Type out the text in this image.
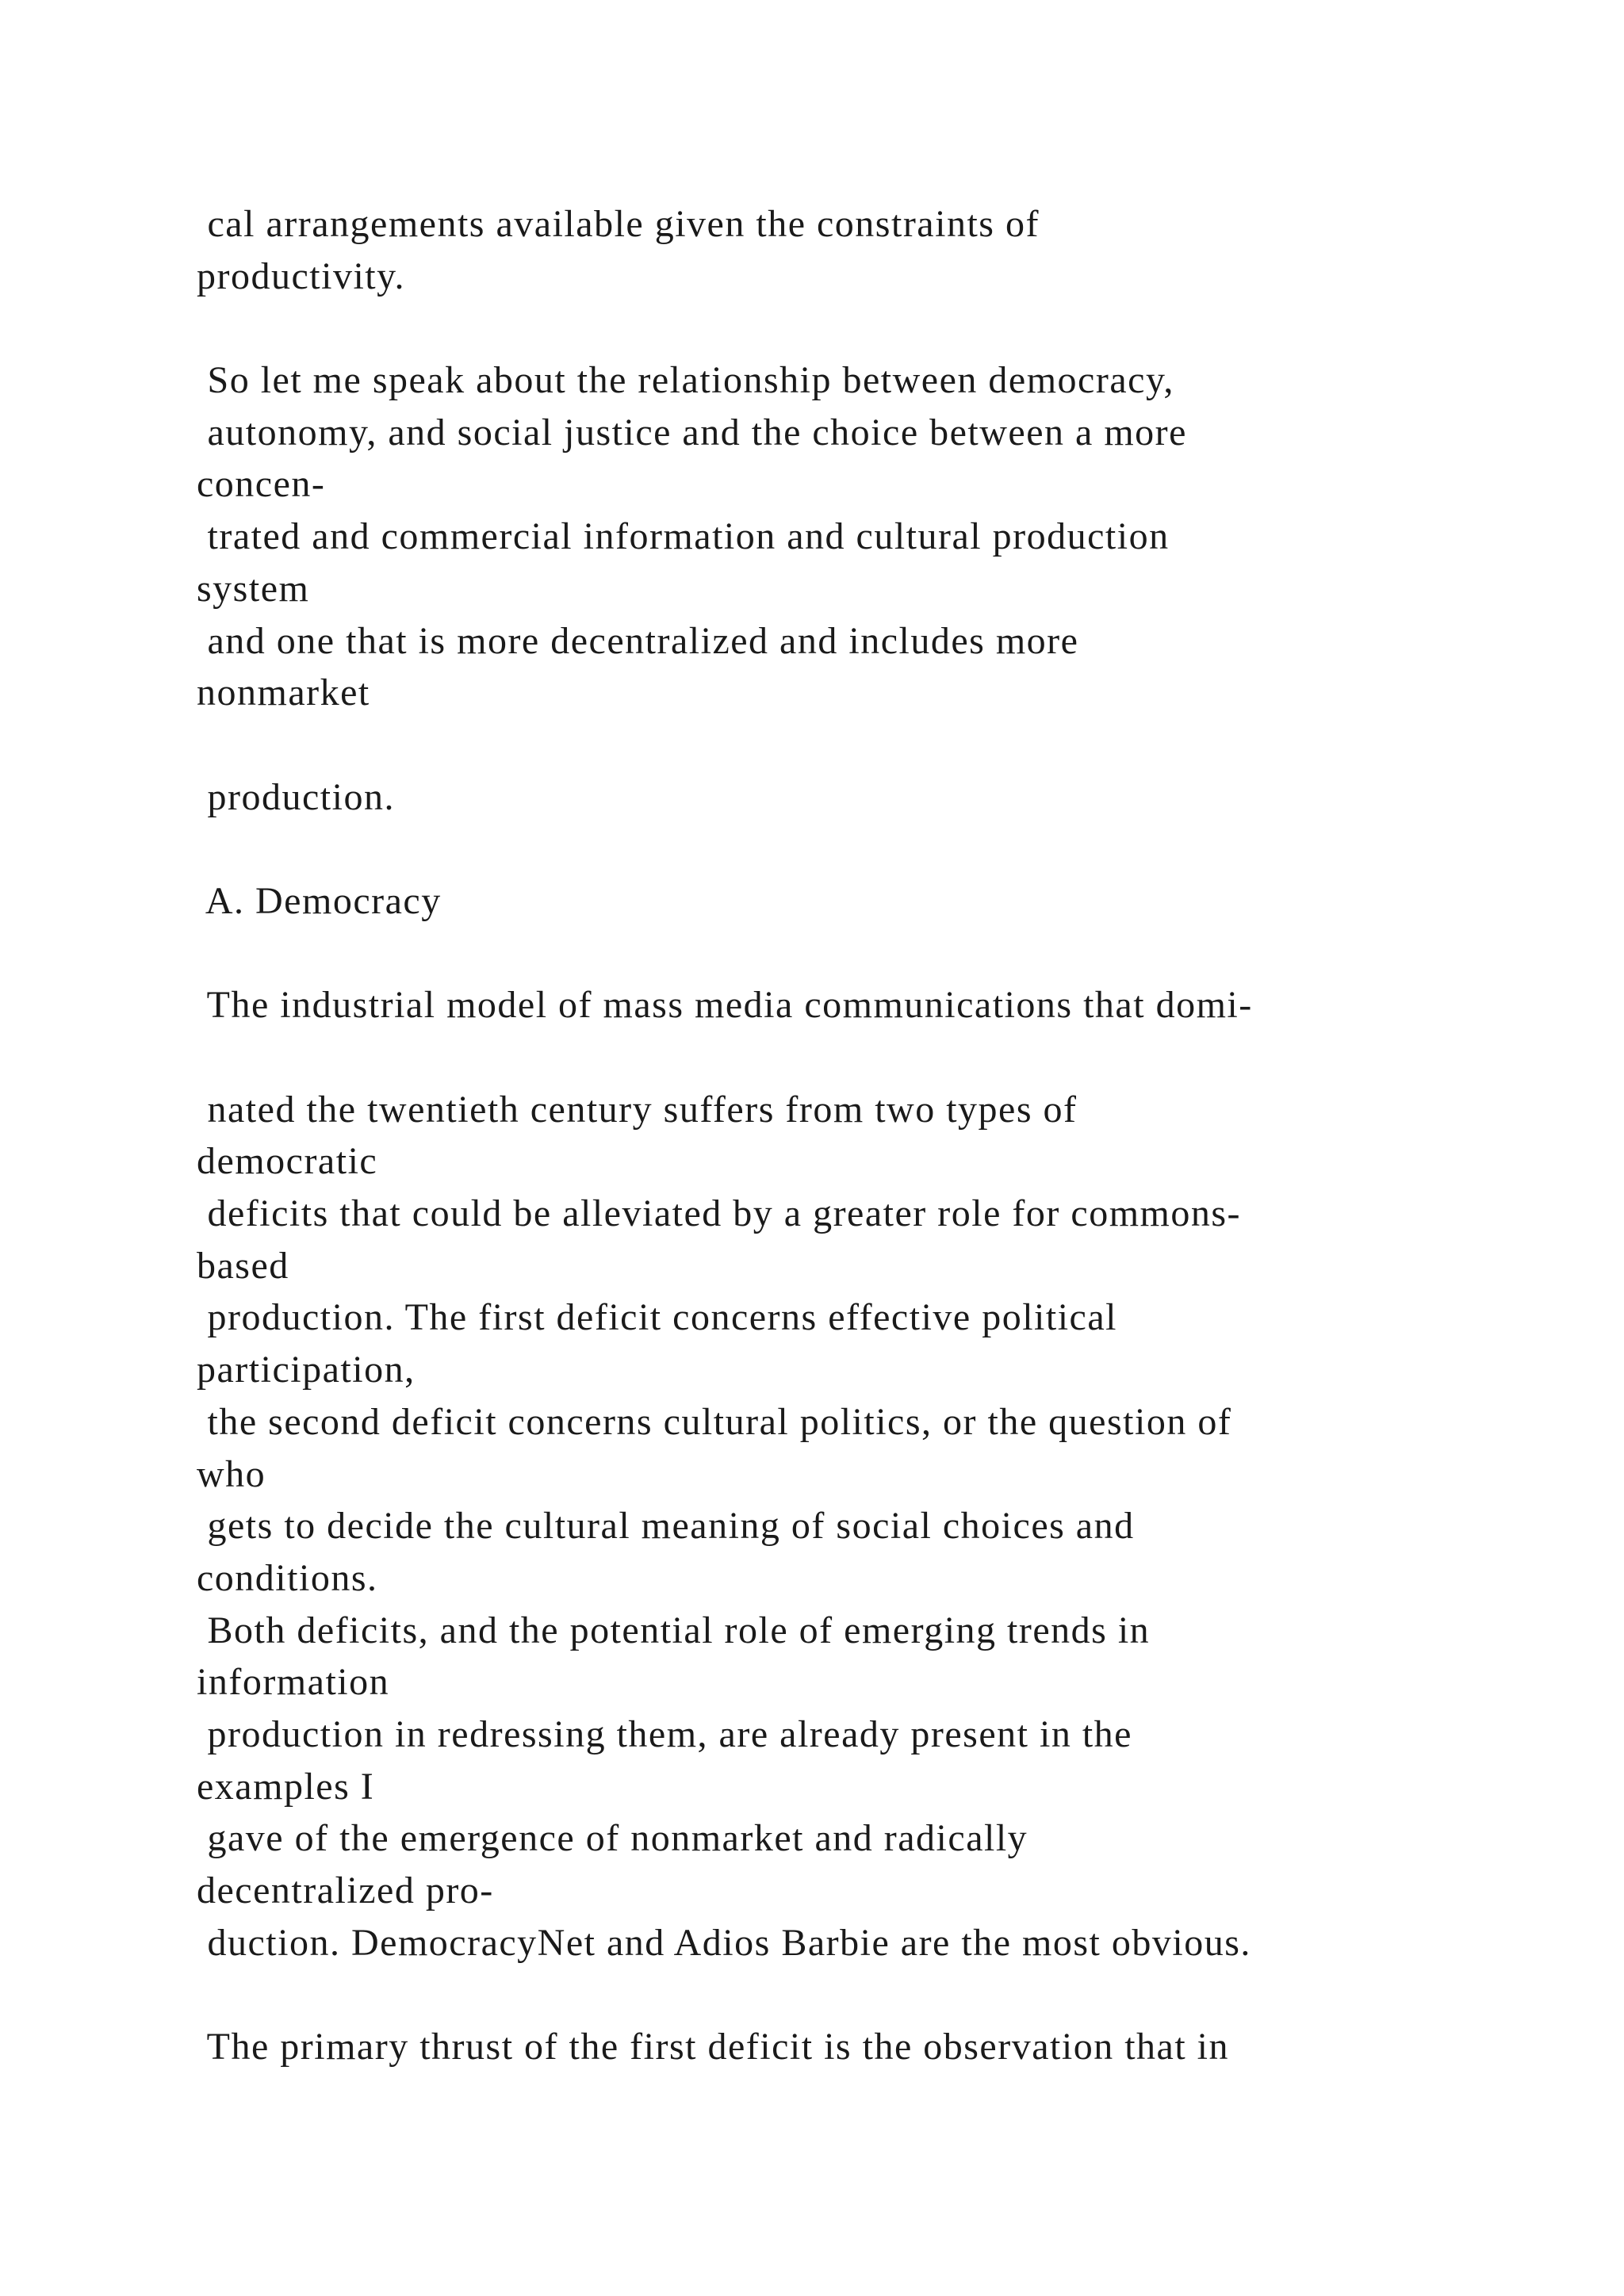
cal arrangements available given the constraints of
productivity.
So let me speak about the relationship between democracy,
autonomy, and social justice and the choice between a more
concen-
trated and commercial information and cultural production
system
and one that is more decentralized and includes more
nonmarket
production.
A. Democracy
The industrial model of mass media communications that domi-
nated the twentieth century suffers from two types of
democratic
deficits that could be alleviated by a greater role for commons-
based
production. The first deficit concerns effective political
participation,
the second deficit concerns cultural politics, or the question of
who
gets to decide the cultural meaning of social choices and
conditions.
Both deficits, and the potential role of emerging trends in
information
production in redressing them, are already present in the
examples I
gave of the emergence of nonmarket and radically
decentralized pro-
duction. DemocracyNet and Adios Barbie are the most obvious.
The primary thrust of the first deficit is the observation that in
